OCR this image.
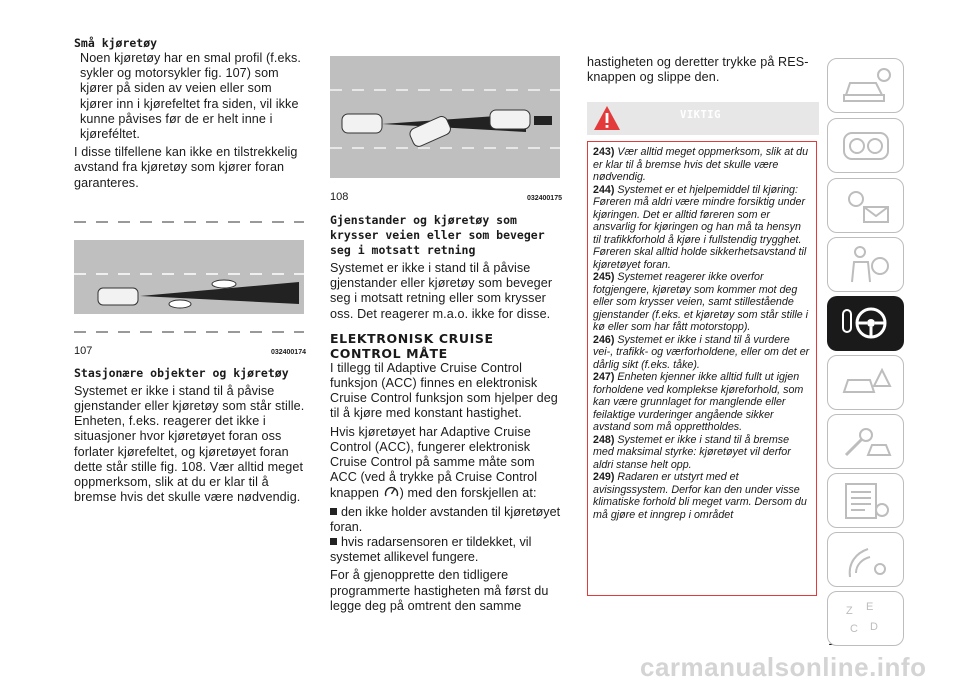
Små kjøretøy

Noen kjøretøy har en smal profil (f.eks. sykler og motorsykler fig. 107) som kjører på siden av veien eller som kjører inn i kjørefeltet fra siden, vil ikke kunne påvises før de er helt inne i kjøreféltet.

I disse tilfellene kan ikke en tilstrekkelig avstand fra kjøretøy som kjører foran garanteres.

107	032400174

Stasjonære objekter og kjøretøy

Systemet er ikke i stand til å påvise gjenstander eller kjøretøy som står stille. Enheten, f.eks. reagerer det ikke i situasjoner hvor kjøretøyet foran oss forlater kjørefeltet, og kjøretøyet foran dette står stille fig. 108. Vær alltid meget oppmerksom, slik at du er klar til å bremse hvis det skulle være nødvendig.

108	032400175

Gjenstander og kjøretøy som krysser veien eller som beveger seg i motsatt retning

Systemet er ikke i stand til å påvise gjenstander eller kjøretøy som beveger seg i motsatt retning eller som krysser oss. Det reagerer m.a.o. ikke for disse.

ELEKTRONISK CRUISE CONTROL MÅTE

I tillegg til Adaptive Cruise Control funksjon (ACC) finnes en elektronisk Cruise Control funksjon som hjelper deg til å kjøre med konstant hastighet.

Hvis kjøretøyet har Adaptive Cruise Control (ACC), fungerer elektronisk Cruise Control på samme måte som ACC (ved å trykke på Cruise Control knappen ) med den forskjellen at:

den ikke holder avstanden til kjøretøyet foran.

hvis radarsensoren er tildekket, vil systemet allikevel fungere.

For å gjenopprette den tidligere programmerte hastigheten må først du legge deg på omtrent den samme

hastigheten og deretter trykke på RES-knappen og slippe den.

VIKTIG

243) Vær alltid meget oppmerksom, slik at du er klar til å bremse hvis det skulle være nødvendig.

244) Systemet er et hjelpemiddel til kjøring: Føreren må aldri være mindre forsiktig under kjøringen. Det er alltid føreren som er ansvarlig for kjøringen og han må ta hensyn til trafikkforhold å kjøre i fullstendig trygghet. Føreren skal alltid holde sikkerhetsavstand til kjøretøyet foran.

245) Systemet reagerer ikke overfor fotgjengere, kjøretøy som kommer mot deg eller som krysser veien, samt stillestående gjenstander (f.eks. et kjøretøy som står stille i kø eller som har fått motorstopp).

246) Systemet er ikke i stand til å vurdere vei-, trafikk- og værforholdene, eller om det er dårlig sikt (f.eks. tåke).

247) Enheten kjenner ikke alltid fullt ut igjen forholdene ved komplekse kjøreforhold, som kan være grunnlaget for manglende eller feilaktige vurderinger angående sikker avstand som må opprettholdes.

248) Systemet er ikke i stand til å bremse med maksimal styrke: kjøretøyet vil derfor aldri stanse helt opp.

249) Radaren er utstyrt med et avisingssystem. Derfor kan den under visse klimatiske forhold bli meget varm. Dersom du må gjøre et inngrep i området

Z E
C D
carmanualsonline.info
